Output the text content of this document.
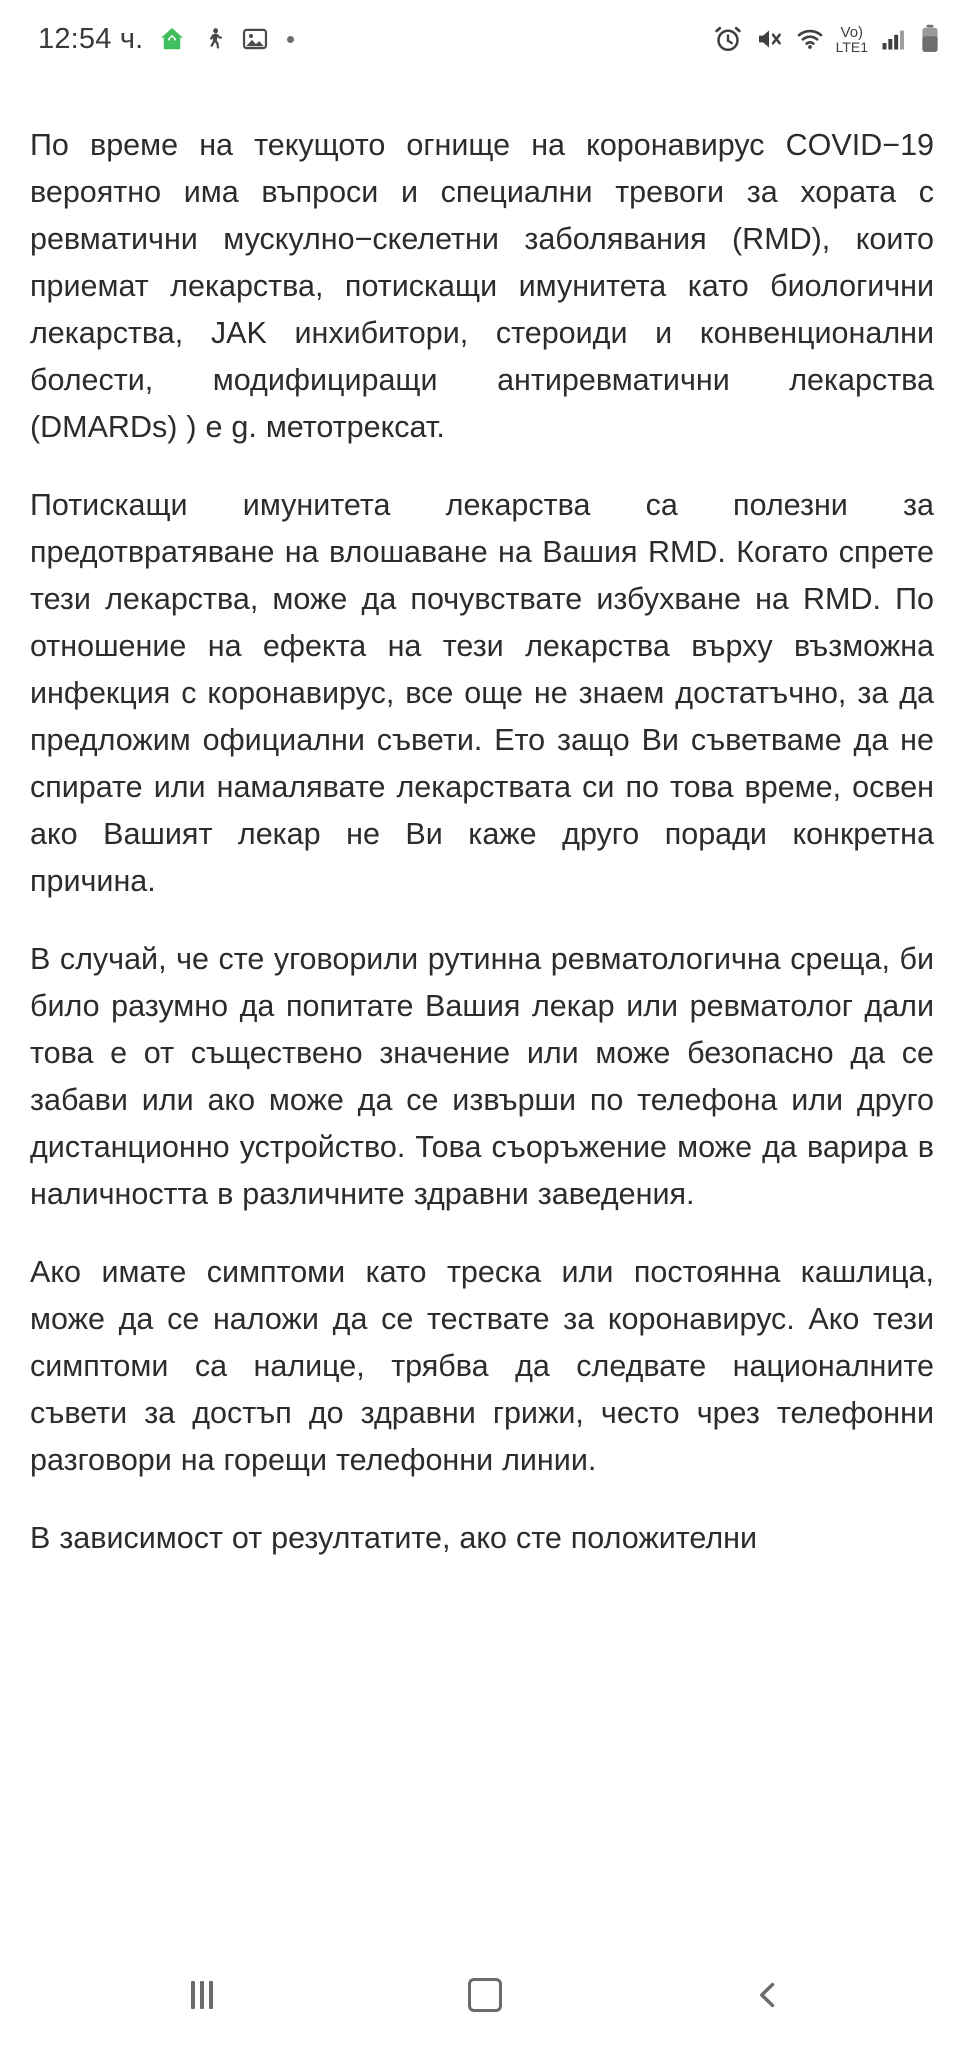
12:54 ч.	Vo)
LTE1

По време на текущото огнище на коронавирус COVID−19 вероятно има въпроси и специални тревоги за хората с ревматични мускулно−скелетни заболявания (RMD), които приемат лекарства, потискащи имунитета като биологични лекарства, JAK инхибитори, стероиди и конвенционални болести, модифициращи антиревматични лекарства (DMARDs) ) е g. метотрексат.

Потискащи имунитета лекарства са полезни за предотвратяване на влошаване на Вашия RMD. Когато спрете тези лекарства, може да почувствате избухване на RMD. По отношение на ефекта на тези лекарства върху възможна инфекция с коронавирус, все още не знаем достатъчно, за да предложим официални съвети. Ето защо Ви съветваме да не спирате или намалявате лекарствата си по това време, освен ако Вашият лекар не Ви каже друго поради конкретна причина.

В случай, че сте уговорили рутинна ревматологична среща, би било разумно да попитате Вашия лекар или ревматолог дали това е от съществено значение или може безопасно да се забави или ако може да се извърши по телефона или друго дистанционно устройство. Това съоръжение може да варира в наличността в различните здравни заведения.

Ако имате симптоми като треска или постоянна кашлица, може да се наложи да се тествате за коронавирус. Ако тези симптоми са налице, трябва да следвате националните съвети за достъп до здравни грижи, често чрез телефонни разговори на горещи телефонни линии.

В зависимост от резултатите, ако сте положителни
